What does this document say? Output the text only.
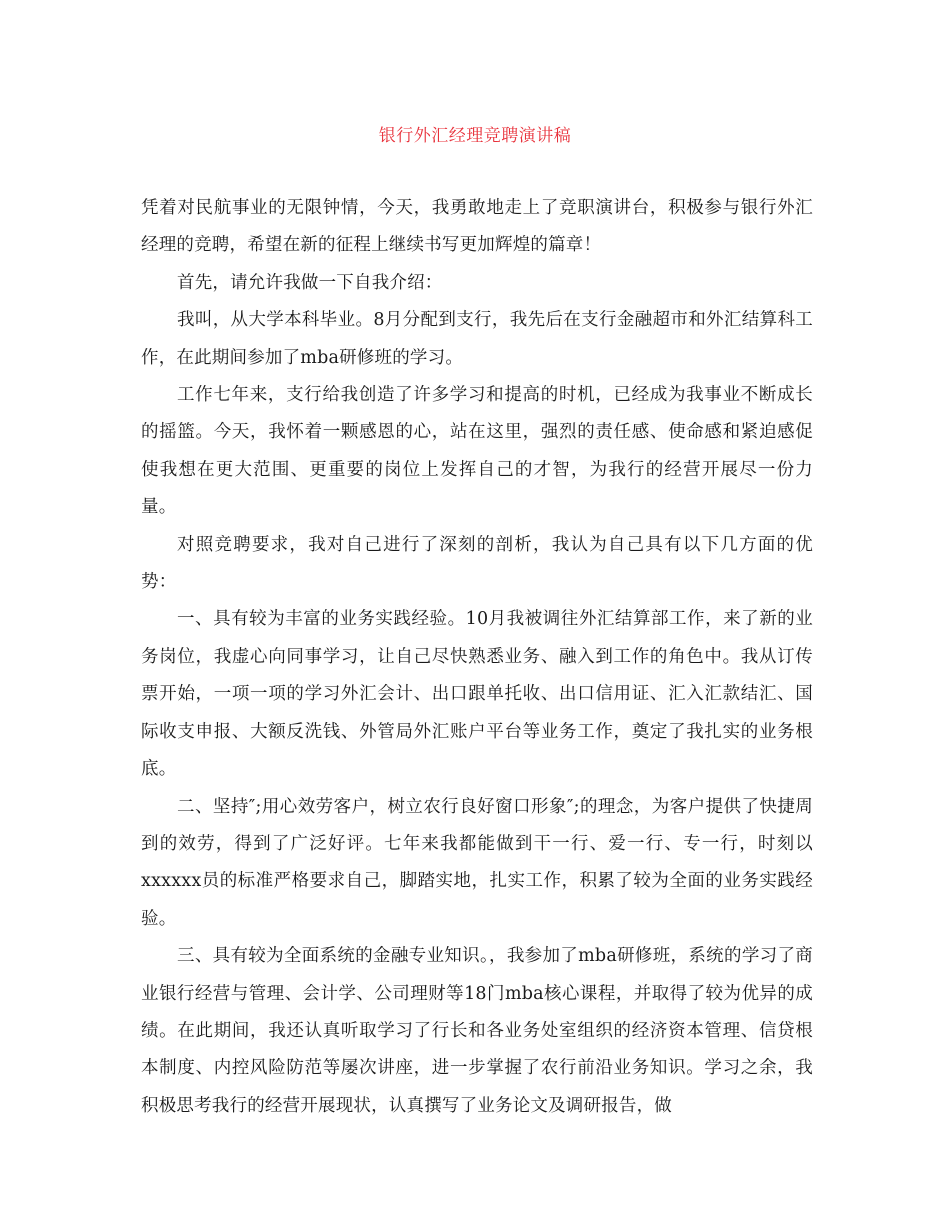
银行外汇经理竞聘演讲稿

凭着对民航事业的无限钟情，今天，我勇敢地走上了竞职演讲台，积极参与银行外汇经理的竞聘，希望在新的征程上继续书写更加辉煌的篇章！

首先，请允许我做一下自我介绍：

我叫，从大学本科毕业。8月分配到支行，我先后在支行金融超市和外汇结算科工作，在此期间参加了mba研修班的学习。

工作七年来，支行给我创造了许多学习和提高的时机，已经成为我事业不断成长的摇篮。今天，我怀着一颗感恩的心，站在这里，强烈的责任感、使命感和紧迫感促使我想在更大范围、更重要的岗位上发挥自己的才智，为我行的经营开展尽一份力量。

对照竞聘要求，我对自己进行了深刻的剖析，我认为自己具有以下几方面的优势：

一、具有较为丰富的业务实践经验。10月我被调往外汇结算部工作，来了新的业务岗位，我虚心向同事学习，让自己尽快熟悉业务、融入到工作的角色中。我从订传票开始，一项一项的学习外汇会计、出口跟单托收、出口信用证、汇入汇款结汇、国际收支申报、大额反洗钱、外管局外汇账户平台等业务工作，奠定了我扎实的业务根底。

二、坚持″;用心效劳客户，树立农行良好窗口形象″;的理念，为客户提供了快捷周到的效劳，得到了广泛好评。七年来我都能做到干一行、爱一行、专一行，时刻以xxxxxx员的标准严格要求自己，脚踏实地，扎实工作，积累了较为全面的业务实践经验。

三、具有较为全面系统的金融专业知识。，我参加了mba研修班，系统的学习了商业银行经营与管理、会计学、公司理财等18门mba核心课程，并取得了较为优异的成绩。在此期间，我还认真听取学习了行长和各业务处室组织的经济资本管理、信贷根本制度、内控风险防范等屡次讲座，进一步掌握了农行前沿业务知识。学习之余，我积极思考我行的经营开展现状，认真撰写了业务论文及调研报告，做
